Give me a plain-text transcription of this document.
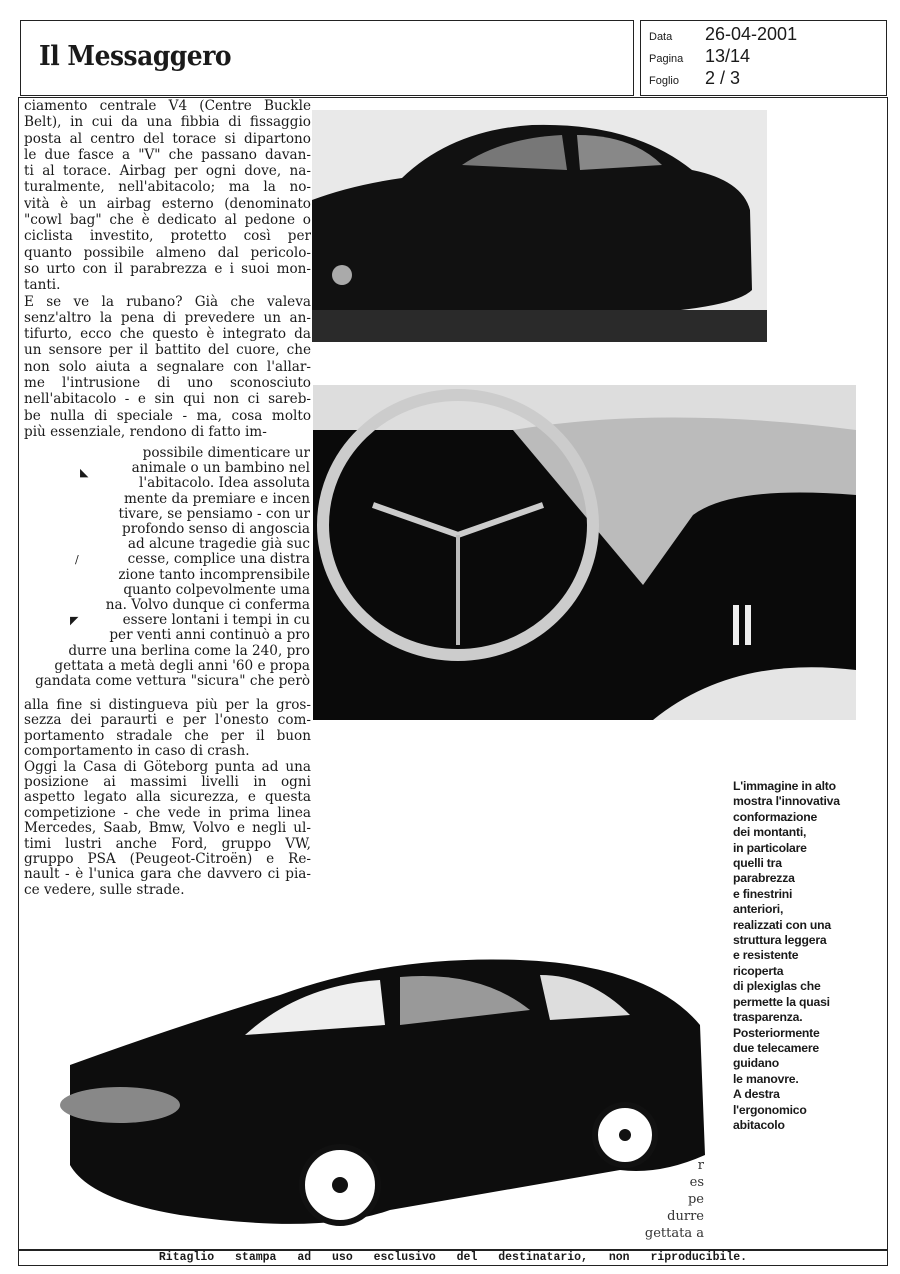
Il Messaggero
Data 26-04-2001
Pagina 13/14
Foglio 2 / 3
ciamento centrale V4 (Centre Buckle
Belt), in cui da una fibbia di fissaggio
posta al centro del torace si dipartono
le due fasce a "V" che passano davan-
ti al torace. Airbag per ogni dove, na-
turalmente, nell'abitacolo; ma la no-
vità è un airbag esterno (denominato
"cowl bag" che è dedicato al pedone o
ciclista investito, protetto così per
quanto possibile almeno dal pericolo-
so urto con il parabrezza e i suoi mon-
tanti.
E se ve la rubano? Già che valeva
senz'altro la pena di prevedere un an-
tifurto, ecco che questo è integrato da
un sensore per il battito del cuore, che
non solo aiuta a segnalare con l'allar-
me l'intrusione di uno sconosciuto
nell'abitacolo - e sin qui non ci sareb-
be nulla di speciale - ma, cosa molto
più essenziale, rendono di fatto im-
possibile dimenticare ur
animale o un bambino nel
l'abitacolo. Idea assoluta
mente da premiare e incen
tivare, se pensiamo - con ur
profondo senso di angoscia
ad alcune tragedie già suc
cesse, complice una distra
zione tanto incomprensibile
quanto colpevolmente uma
na. Volvo dunque ci conferma
essere lontani i tempi in cu
per venti anni continuò a pro
durre una berlina come la 240, pro
gettata a metà degli anni '60 e propa
gandata come vettura "sicura" che però
alla fine si distingueva più per la gros-
sezza dei paraurti e per l'onesto com-
portamento stradale che per il buon
comportamento in caso di crash.
Oggi la Casa di Göteborg punta ad una
posizione ai massimi livelli in ogni
aspetto legato alla sicurezza, e questa
competizione - che vede in prima linea
Mercedes, Saab, Bmw, Volvo e negli ul-
timi lustri anche Ford, gruppo VW,
gruppo PSA (Peugeot-Citroën) e Re-
nault - è l'unica gara che davvero ci pia-
ce vedere, sulle strade.
◣
/
◤
r
es
pe
durre
gettata a
L'immagine in alto
mostra l'innovativa
conformazione
dei montanti,
in particolare
quelli tra
parabrezza
e finestrini
anteriori,
realizzati con una
struttura leggera
e resistente
ricoperta
di plexiglas che
permette la quasi
trasparenza.
Posteriormente
due telecamere
guidano
le manovre.
A destra
l'ergonomico
abitacolo
Ritaglio stampa ad uso esclusivo del destinatario, non riproducibile.
